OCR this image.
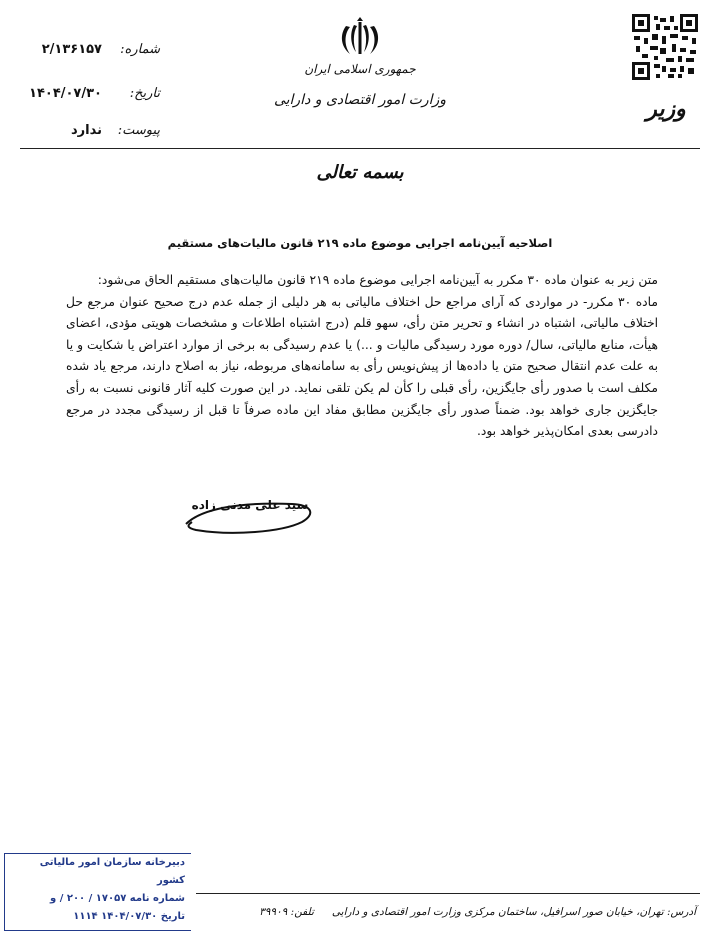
شماره:
۲/۱۳۶۱۵۷
تاریخ:
۱۴۰۴/۰۷/۳۰
پیوست:
ندارد
جمهوری اسلامی ایران
وزارت امور اقتصادی و دارایی	وزیر
بسمه تعالی
اصلاحیه آیین‌نامه اجرایی موضوع ماده ۲۱۹ قانون مالیات‌های مستقیم

متن زیر به عنوان ماده ۳۰ مکرر به آیین‌نامه اجرایی موضوع ماده ۲۱۹ قانون مالیات‌های مستقیم الحاق می‌شود:

ماده ۳۰ مکرر- در مواردی که آرای مراجع حل اختلاف مالیاتی به هر دلیلی از جمله عدم درج صحیح عنوان مرجع حل اختلاف مالیاتی، اشتباه در انشاء و تحریر متن رأی، سهو قلم (درج اشتباه اطلاعات و مشخصات هویتی مؤدی، اعضای هیأت، منابع مالیاتی، سال/ دوره مورد رسیدگی مالیات و ...) یا عدم رسیدگی به برخی از موارد اعتراض یا شکایت و یا به علت عدم انتقال صحیح متن یا داده‌ها از پیش‌نویس رأی به سامانه‌های مربوطه، نیاز به اصلاح دارند، مرجع یاد شده مکلف است با صدور رأی جایگزین، رأی قبلی را کأن لم یکن تلقی نماید. در این صورت کلیه آثار قانونی نسبت به رأی جایگزین جاری خواهد بود. ضمناً صدور رأی جایگزین مطابق مفاد این ماده صرفاً تا قبل از رسیدگی مجدد در مرجع دادرسی بعدی امکان‌پذیر خواهد بود.

سید علی مدنی زاده
دبیرخانه سازمان امور مالیاتی کشور
شماره نامه ۱۷۰۵۷ / ۲۰۰ / و
تاریخ ۱۴۰۴/۰۷/۳۰ ۱۱۱۴	آدرس: تهران، خیابان صور اسرافیل، ساختمان مرکزی وزارت امور اقتصادی و دارایی
تلفن: ۳۹۹۰۹
